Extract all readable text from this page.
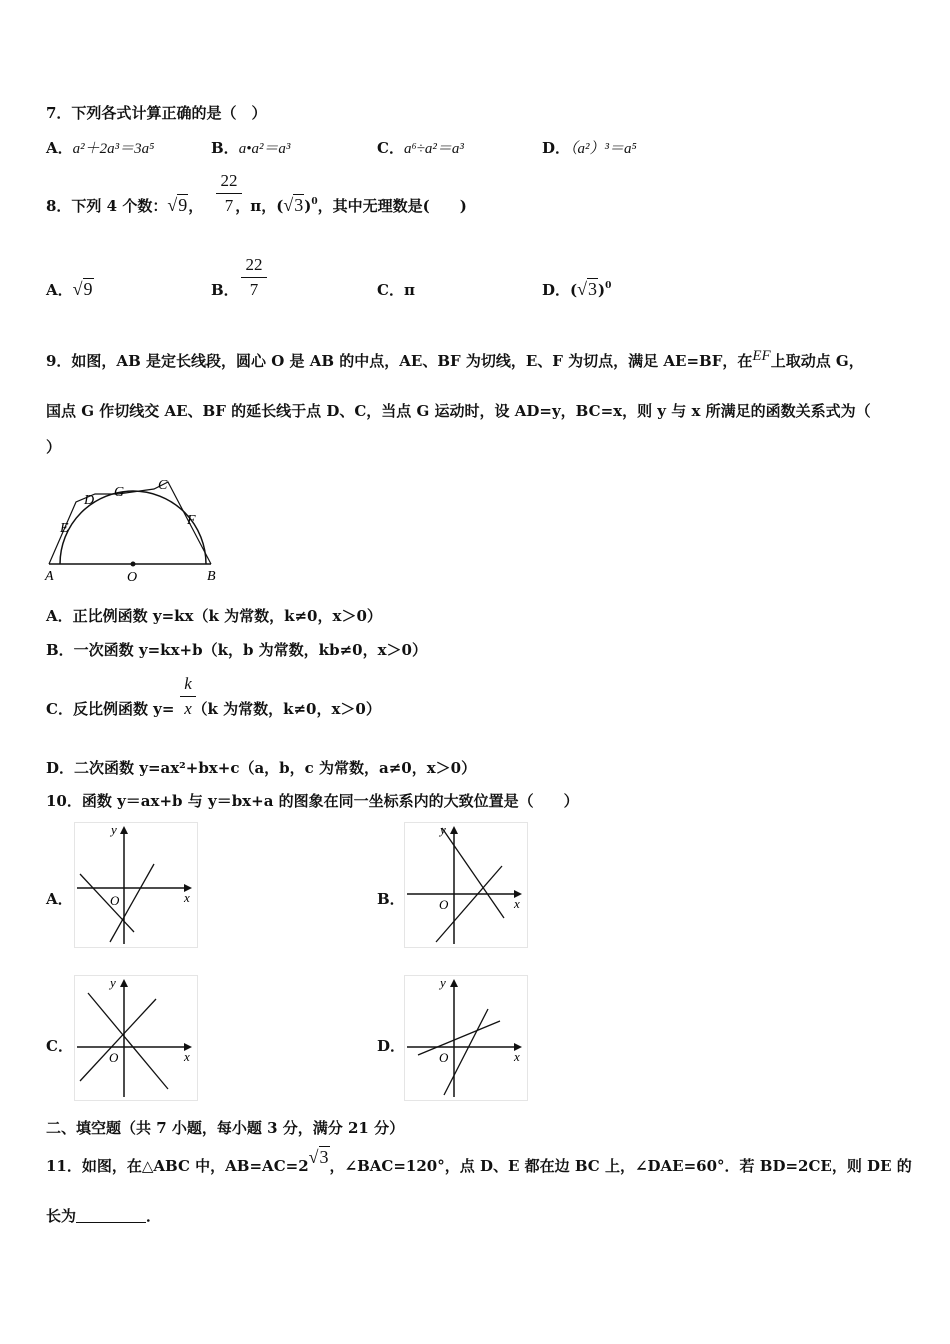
7．下列各式计算正确的是（　）
A．a²＋2a³＝3a⁵	B．a•a²＝a³	C．a⁶÷a²＝a³	D．（a²）³＝a⁵
8．下列 4 个数：√9， ，π，$(√3)^0$，其中无理数是(　　)
22
7
A．√9	B．
22
7	C．π	D．$(√3)^0$
9．如图，AB 是定长线段，圆心 O 是 AB 的中点，AE、BF 为切线，E、F 为切点，满足 AE=BF，在EF上取动点 G，
国点 G 作切线交 AE、BF 的延长线于点 D、C，当点 G 运动时，设 AD=y，BC=x，则 y 与 x 所满足的函数关系式为（
）
D
G C
E
F
A	O	B
A．正比例函数 y=kx（k 为常数，k≠0，x＞0）
B．一次函数 y=kx+b（k，b 为常数，kb≠0，x＞0）
C．反比例函数 y= （k 为常数，k≠0，x＞0）
k
x
D．二次函数 y=ax²+bx+c（a，b，c 为常数，a≠0，x＞0）
10．函数 y＝ax+b 与 y＝bx+a 的图象在同一坐标系内的大致位置是（　　）
A．	B．
C．	D．
x
y
O	x
y
O
x
y
O	x
y
O
二、填空题（共 7 小题，每小题 3 分，满分 21 分）
11．如图，在△ABC 中，AB=AC=2√3，∠BAC=120°，点 D、E 都在边 BC 上，∠DAE=60°．若 BD=2CE，则 DE 的
长为	．
